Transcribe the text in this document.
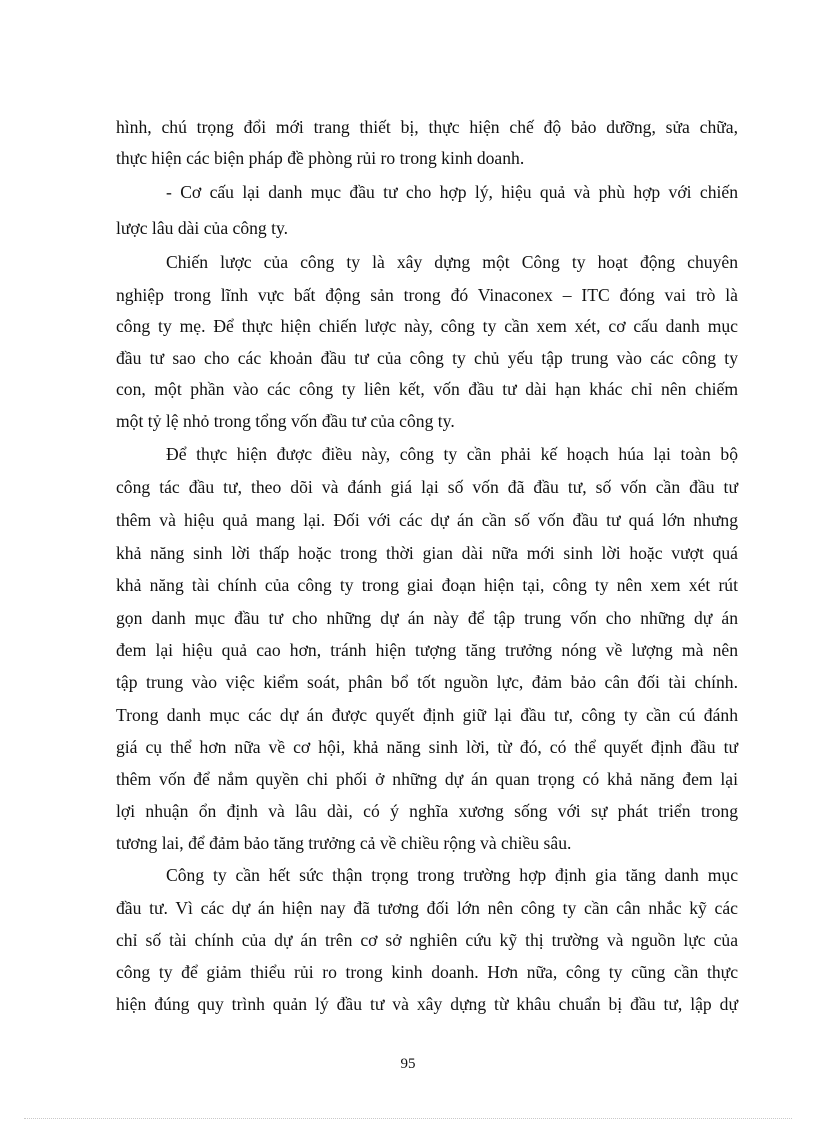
hình, chú trọng đổi mới trang thiết bị, thực hiện chế độ bảo dưỡng, sửa chữa,
thực hiện các biện pháp đề phòng rủi ro trong kinh doanh.
- Cơ cấu lại danh mục đầu tư cho hợp lý, hiệu quả và phù hợp với chiến
lược lâu dài của công ty.
Chiến lược của công ty là xây dựng một Công ty hoạt động chuyên
nghiệp trong lĩnh vực bất động sản trong đó Vinaconex – ITC đóng vai trò là
công ty mẹ. Để thực hiện chiến lược này, công ty cần xem xét, cơ cấu danh mục
đầu tư sao cho các khoản đầu tư của công ty chủ yếu tập trung vào các công ty
con, một phần vào các công ty liên kết, vốn đầu tư dài hạn khác chỉ nên chiếm
một tỷ lệ nhỏ trong tổng vốn đầu tư của công ty.
Để thực hiện được điều này, công ty cần phải kế hoạch húa lại toàn bộ
công tác đầu tư, theo dõi và đánh giá lại số vốn đã đầu tư, số vốn cần đầu tư
thêm và hiệu quả mang lại. Đối với các dự án cần số vốn đầu tư quá lớn nhưng
khả năng sinh lời thấp hoặc trong thời gian dài nữa mới sinh lời hoặc vượt quá
khả năng tài chính của công ty trong giai đoạn hiện tại, công ty nên xem xét rút
gọn danh mục đầu tư cho những dự án này để tập trung vốn cho những dự án
đem lại hiệu quả cao hơn, tránh hiện tượng tăng trưởng nóng về lượng mà nên
tập trung vào việc kiểm soát, phân bổ tốt nguồn lực, đảm bảo cân đối tài chính.
Trong danh mục các dự án được quyết định giữ lại đầu tư, công ty cần cú đánh
giá cụ thể hơn nữa về cơ hội, khả năng sinh lời, từ đó, có thể quyết định đầu tư
thêm vốn để nắm quyền chi phối ở những dự án quan trọng có khả năng đem lại
lợi nhuận ổn định và lâu dài, có ý nghĩa xương sống với sự phát triển trong
tương lai, để đảm bảo tăng trưởng cả về chiều rộng và chiều sâu.
Công ty cần hết sức thận trọng trong trường hợp định gia tăng danh mục
đầu tư. Vì các dự án hiện nay đã tương đối lớn nên công ty cần cân nhắc kỹ các
chỉ số tài chính của dự án trên cơ sở nghiên cứu kỹ thị trường và nguồn lực của
công ty để giảm thiểu rủi ro trong kinh doanh. Hơn nữa, công ty cũng cần thực
hiện đúng quy trình quản lý đầu tư và xây dựng từ khâu chuẩn bị đầu tư, lập dự
95
